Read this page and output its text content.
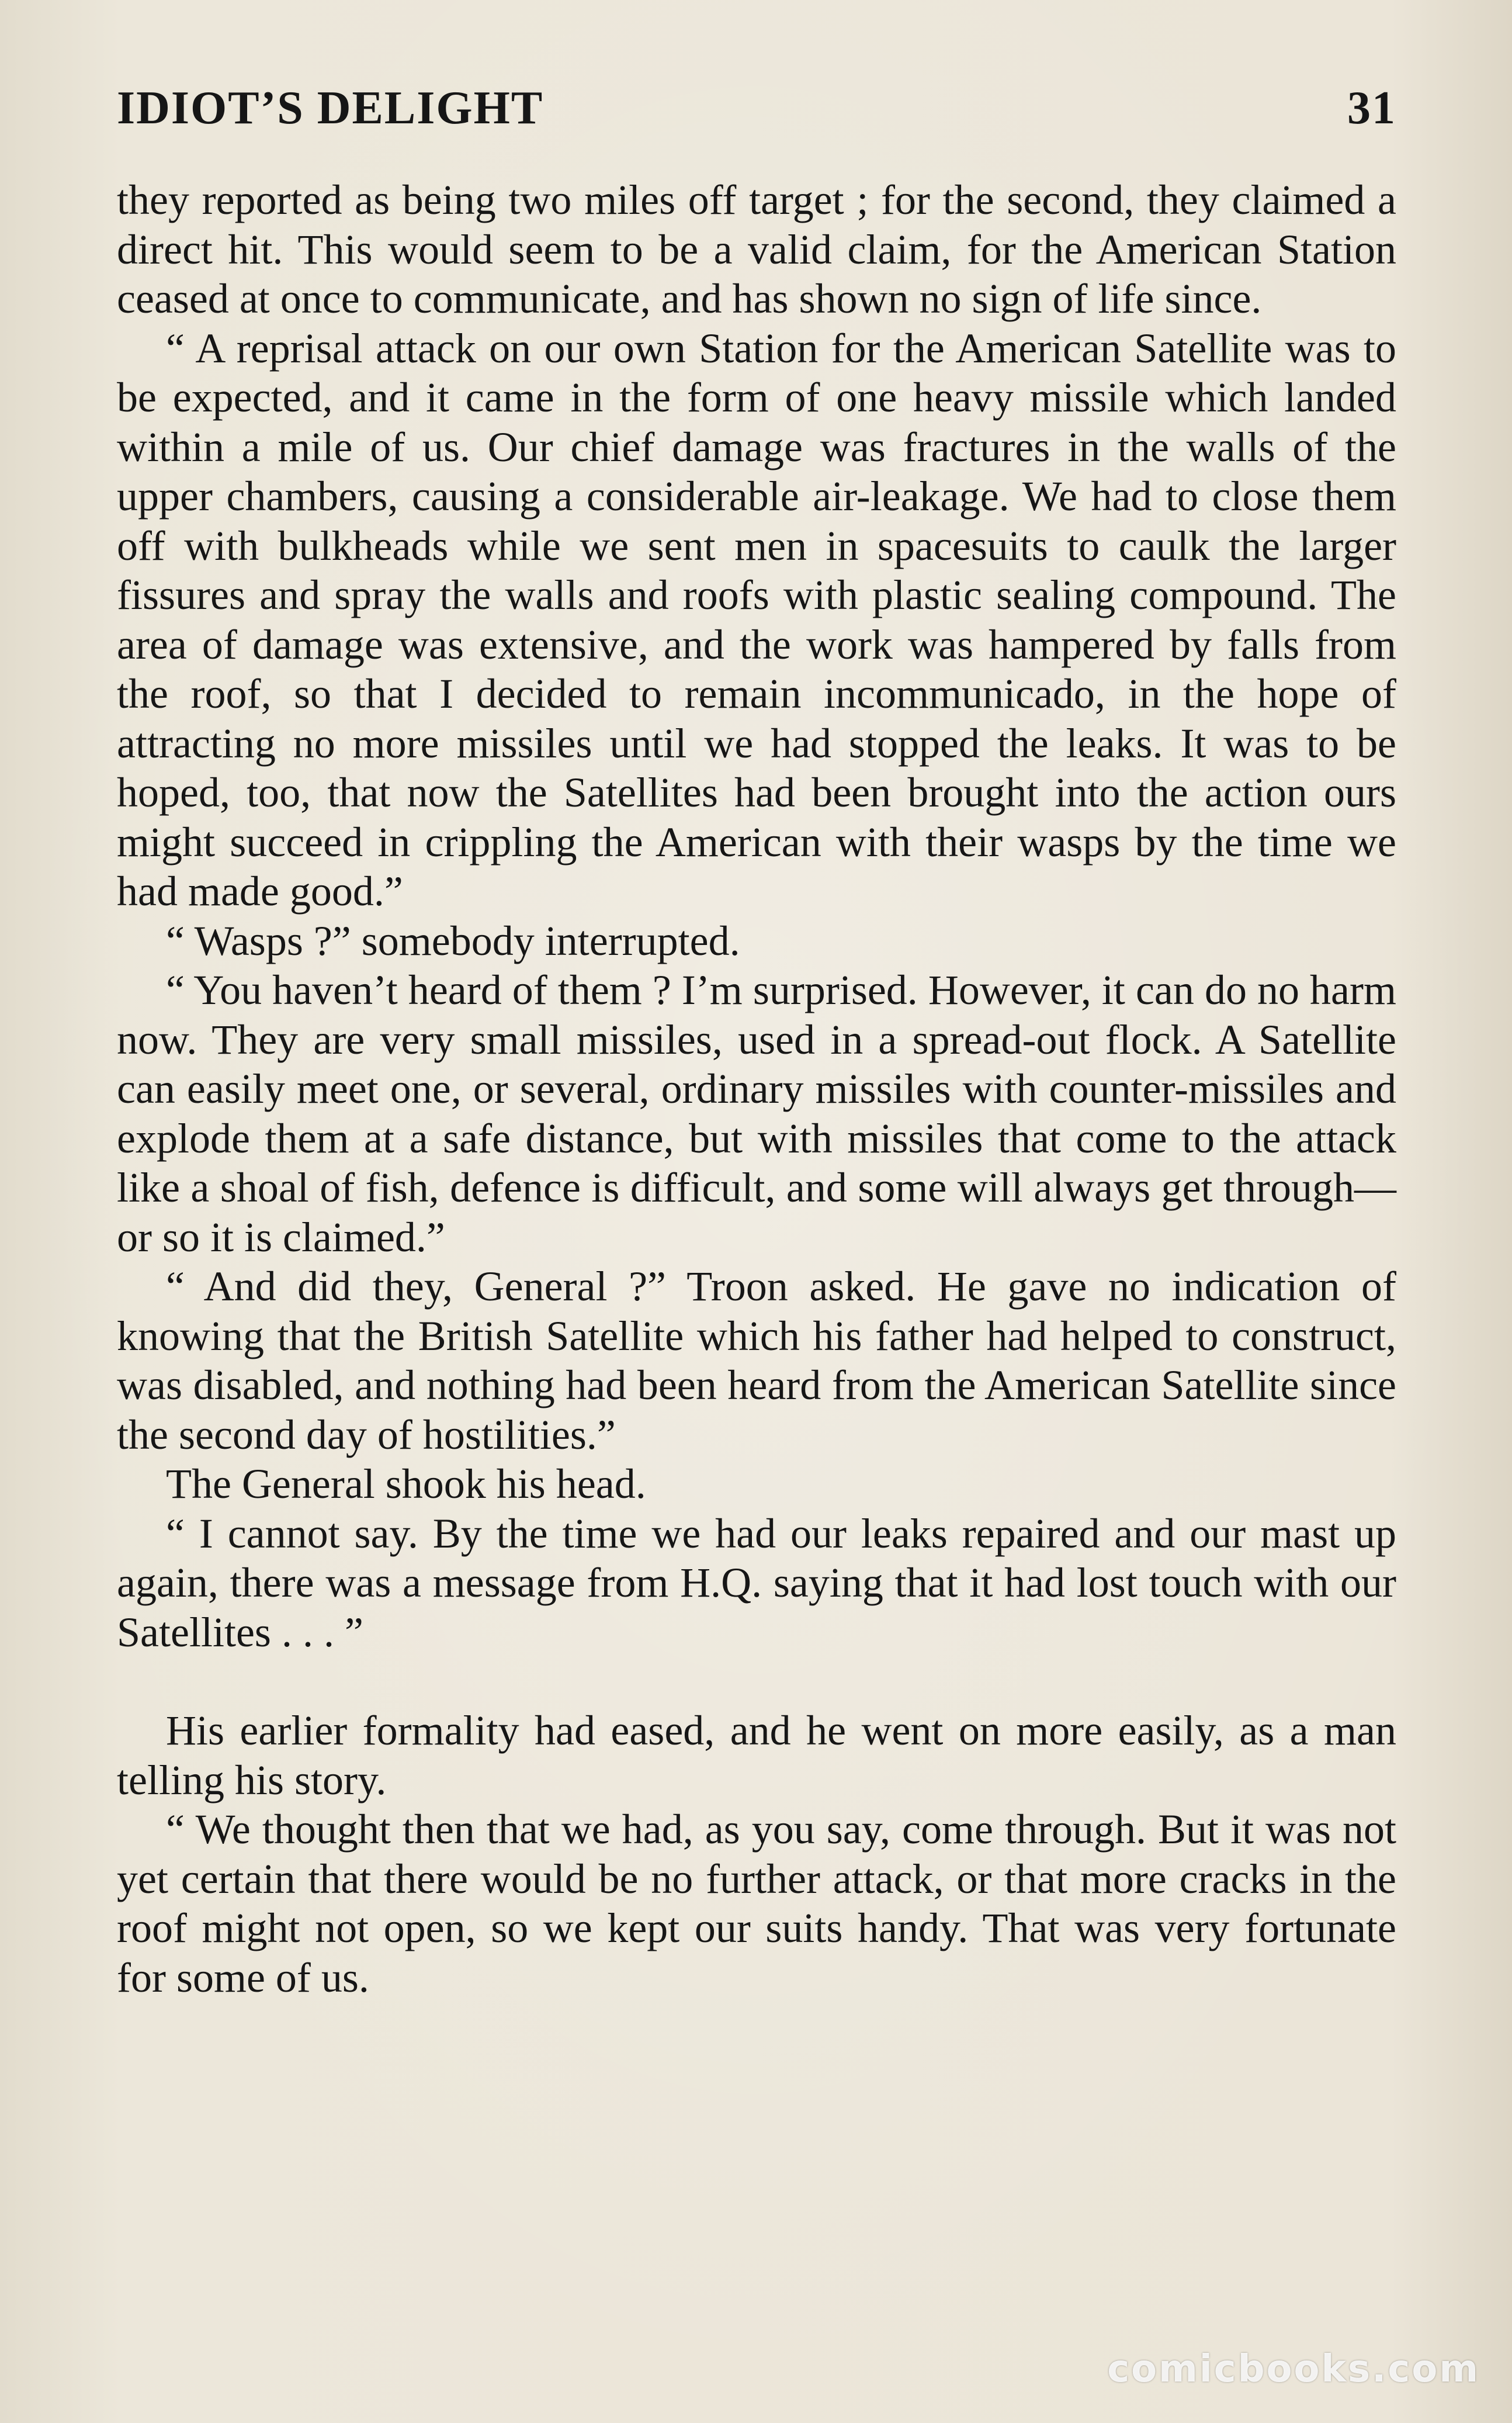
IDIOT’S DELIGHT	31

they reported as being two miles off target ; for the second, they claimed a direct hit. This would seem to be a valid claim, for the American Station ceased at once to communicate, and has shown no sign of life since.

“ A reprisal attack on our own Station for the American Satellite was to be expected, and it came in the form of one heavy missile which landed within a mile of us. Our chief damage was fractures in the walls of the upper chambers, causing a considerable air-leakage. We had to close them off with bulkheads while we sent men in spacesuits to caulk the larger fissures and spray the walls and roofs with plastic sealing compound. The area of damage was extensive, and the work was hampered by falls from the roof, so that I decided to remain incommunicado, in the hope of attracting no more missiles until we had stopped the leaks. It was to be hoped, too, that now the Satellites had been brought into the action ours might succeed in crippling the American with their wasps by the time we had made good.”

“ Wasps ?” somebody interrupted.

“ You haven’t heard of them ? I’m surprised. However, it can do no harm now. They are very small missiles, used in a spread-out flock. A Satellite can easily meet one, or several, ordinary missiles with counter-missiles and explode them at a safe distance, but with missiles that come to the attack like a shoal of fish, defence is difficult, and some will always get through—or so it is claimed.”

“ And did they, General ?” Troon asked. He gave no indication of knowing that the British Satellite which his father had helped to construct, was disabled, and nothing had been heard from the American Satellite since the second day of hostilities.”

The General shook his head.

“ I cannot say. By the time we had our leaks repaired and our mast up again, there was a message from H.Q. saying that it had lost touch with our Satellites . . . ”

His earlier formality had eased, and he went on more easily, as a man telling his story.

“ We thought then that we had, as you say, come through. But it was not yet certain that there would be no further attack, or that more cracks in the roof might not open, so we kept our suits handy. That was very fortunate for some of us.

comicbooks.com
